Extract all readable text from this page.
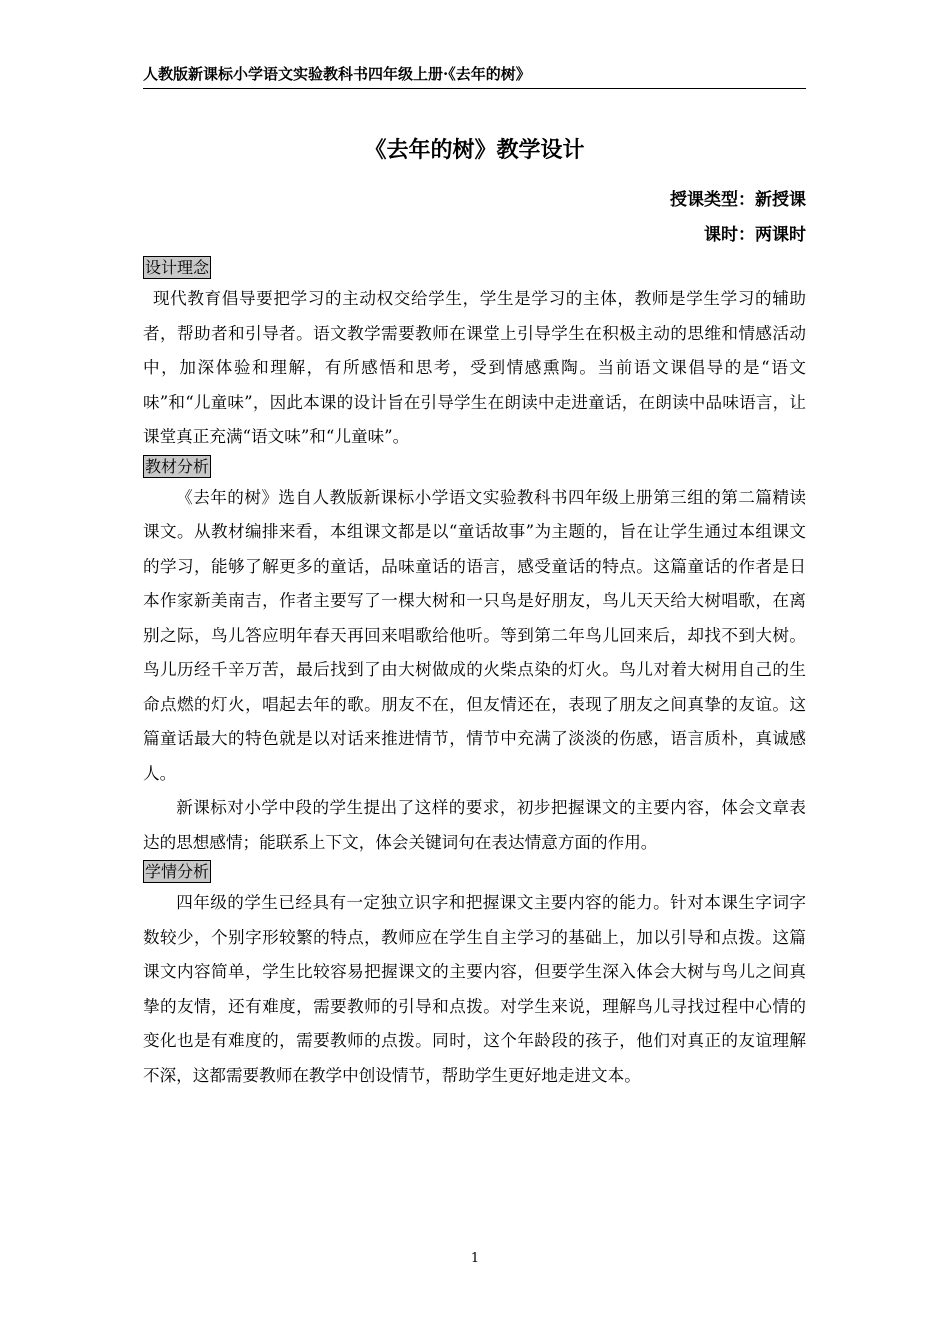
人教版新课标小学语文实验教科书四年级上册·《去年的树》
《去年的树》教学设计
授课类型：新授课
课时：两课时
设计理念

现代教育倡导要把学习的主动权交给学生，学生是学习的主体，教师是学生学习的辅助者，帮助者和引导者。语文教学需要教师在课堂上引导学生在积极主动的思维和情感活动中，加深体验和理解，有所感悟和思考，受到情感熏陶。当前语文课倡导的是“语文味”和“儿童味”，因此本课的设计旨在引导学生在朗读中走进童话，在朗读中品味语言，让课堂真正充满“语文味”和“儿童味”。

教材分析

《去年的树》选自人教版新课标小学语文实验教科书四年级上册第三组的第二篇精读课文。从教材编排来看，本组课文都是以“童话故事”为主题的，旨在让学生通过本组课文的学习，能够了解更多的童话，品味童话的语言，感受童话的特点。这篇童话的作者是日本作家新美南吉，作者主要写了一棵大树和一只鸟是好朋友，鸟儿天天给大树唱歌，在离别之际，鸟儿答应明年春天再回来唱歌给他听。等到第二年鸟儿回来后，却找不到大树。鸟儿历经千辛万苦，最后找到了由大树做成的火柴点染的灯火。鸟儿对着大树用自己的生命点燃的灯火，唱起去年的歌。朋友不在，但友情还在，表现了朋友之间真挚的友谊。这篇童话最大的特色就是以对话来推进情节，情节中充满了淡淡的伤感，语言质朴，真诚感人。

新课标对小学中段的学生提出了这样的要求，初步把握课文的主要内容，体会文章表达的思想感情；能联系上下文，体会关键词句在表达情意方面的作用。

学情分析

四年级的学生已经具有一定独立识字和把握课文主要内容的能力。针对本课生字词字数较少，个别字形较繁的特点，教师应在学生自主学习的基础上，加以引导和点拨。这篇课文内容简单，学生比较容易把握课文的主要内容，但要学生深入体会大树与鸟儿之间真挚的友情，还有难度，需要教师的引导和点拨。对学生来说，理解鸟儿寻找过程中心情的变化也是有难度的，需要教师的点拨。同时，这个年龄段的孩子，他们对真正的友谊理解不深，这都需要教师在教学中创设情节，帮助学生更好地走进文本。

1
